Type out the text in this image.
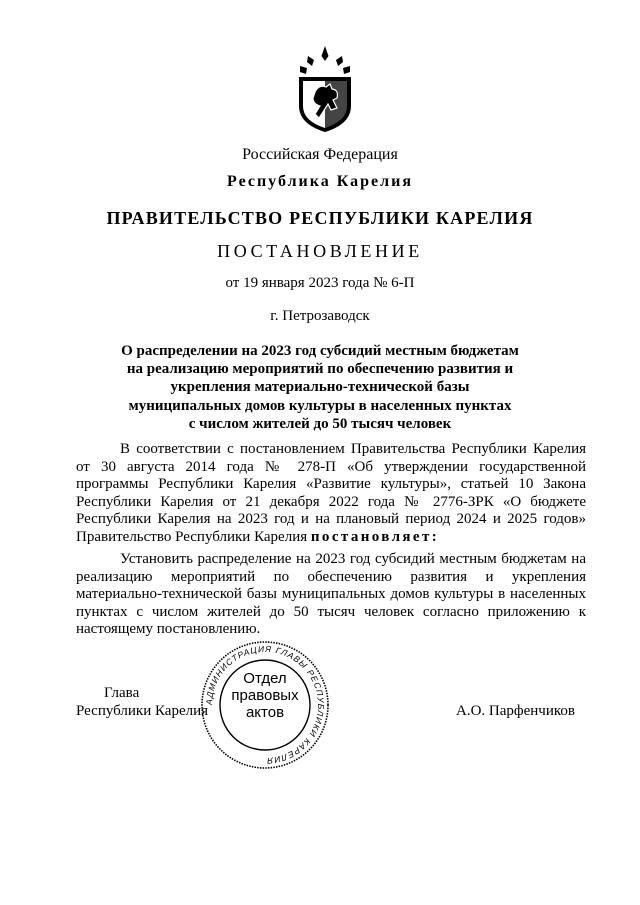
Российская Федерация
Республика Карелия
ПРАВИТЕЛЬСТВО РЕСПУБЛИКИ КАРЕЛИЯ
ПОСТАНОВЛЕНИЕ
от 19 января 2023 года № 6-П
г. Петрозаводск
О распределении на 2023 год субсидий местным бюджетам
на реализацию мероприятий по обеспечению развития и
укрепления материально-технической базы
муниципальных домов культуры в населенных пунктах
с числом жителей до 50 тысяч человек
В соответствии с постановлением Правительства Республики Карелия
от 30 августа 2014 года № 278-П «Об утверждении государственной
программы Республики Карелия «Развитие культуры», статьей 10 Закона
Республики Карелия от 21 декабря 2022 года № 2776-ЗРК «О бюджете
Республики Карелия на 2023 год и на плановый период 2024 и 2025 годов»
Правительство Республики Карелия постановляет:
Установить распределение на 2023 год субсидий местным бюджетам на
реализацию мероприятий по обеспечению развития и укрепления
материально-технической базы муниципальных домов культуры в населенных
пунктах с числом жителей до 50 тысяч человек согласно приложению к
настоящему постановлению.
АДМИНИСТРАЦИЯ ГЛАВЫ РЕСПУБЛИКИ КАРЕЛИЯ
Отдел
правовых
актов
Глава
Республики Карелия	А.О. Парфенчиков
